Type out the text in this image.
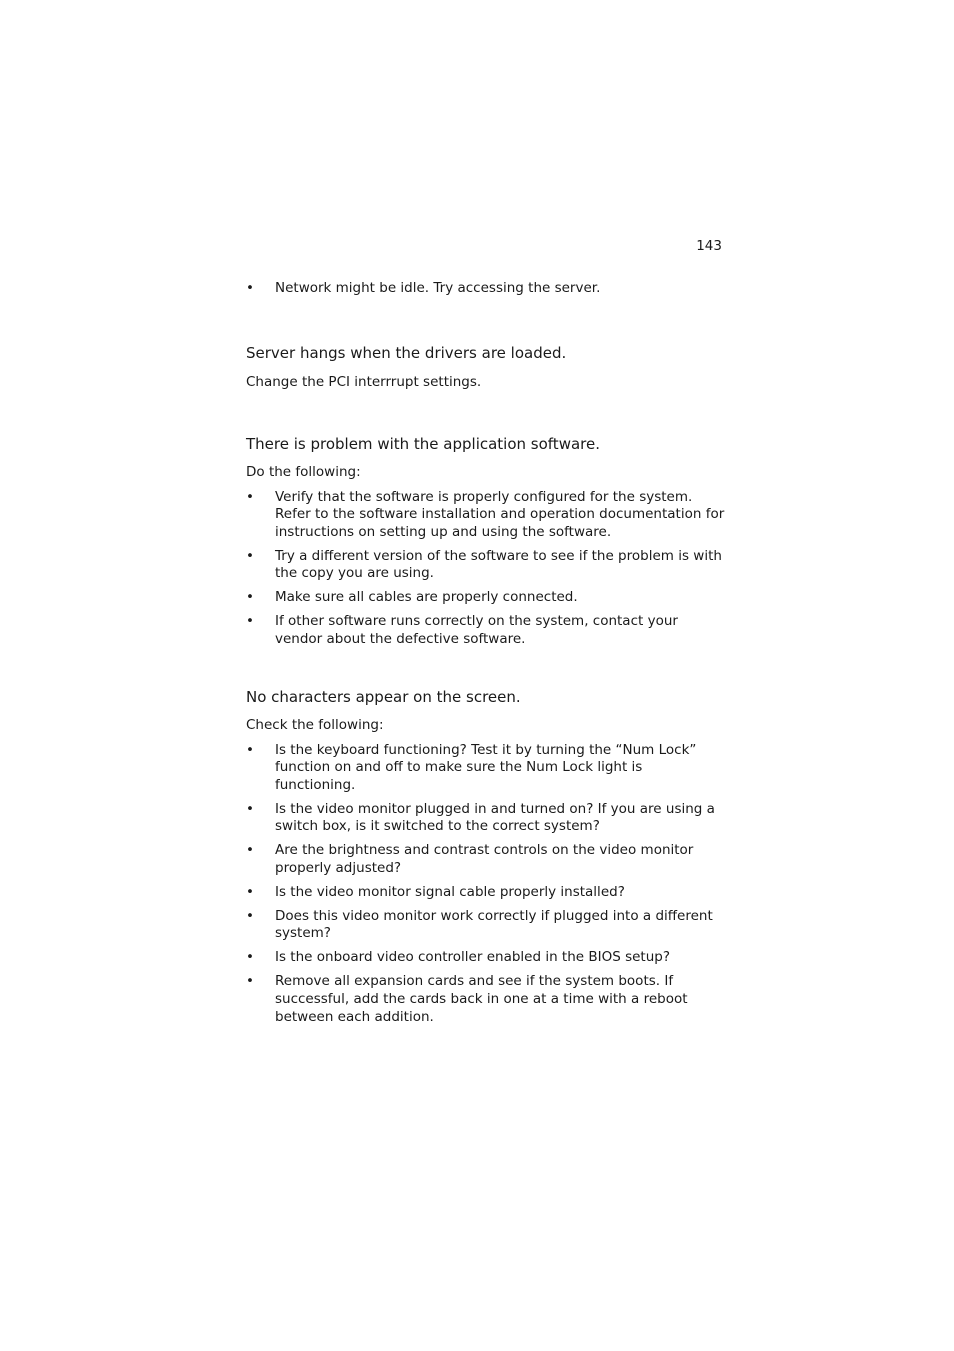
143
• Network might be idle. Try accessing the server.

Server hangs when the drivers are loaded.

Change the PCI interrrupt settings.

There is problem with the application software.

Do the following:

• Verify that the software is properly configured for the system. Refer to the software installation and operation documentation for instructions on setting up and using the software.
• Try a different version of the software to see if the problem is with the copy you are using.
• Make sure all cables are properly connected.
• If other software runs correctly on the system, contact your vendor about the defective software.

No characters appear on the screen.

Check the following:

• Is the keyboard functioning? Test it by turning the “Num Lock” function on and off to make sure the Num Lock light is functioning.
• Is the video monitor plugged in and turned on? If you are using a switch box, is it switched to the correct system?
• Are the brightness and contrast controls on the video monitor properly adjusted?
• Is the video monitor signal cable properly installed?
• Does this video monitor work correctly if plugged into a different system?
• Is the onboard video controller enabled in the BIOS setup?
• Remove all expansion cards and see if the system boots. If successful, add the cards back in one at a time with a reboot between each addition.
